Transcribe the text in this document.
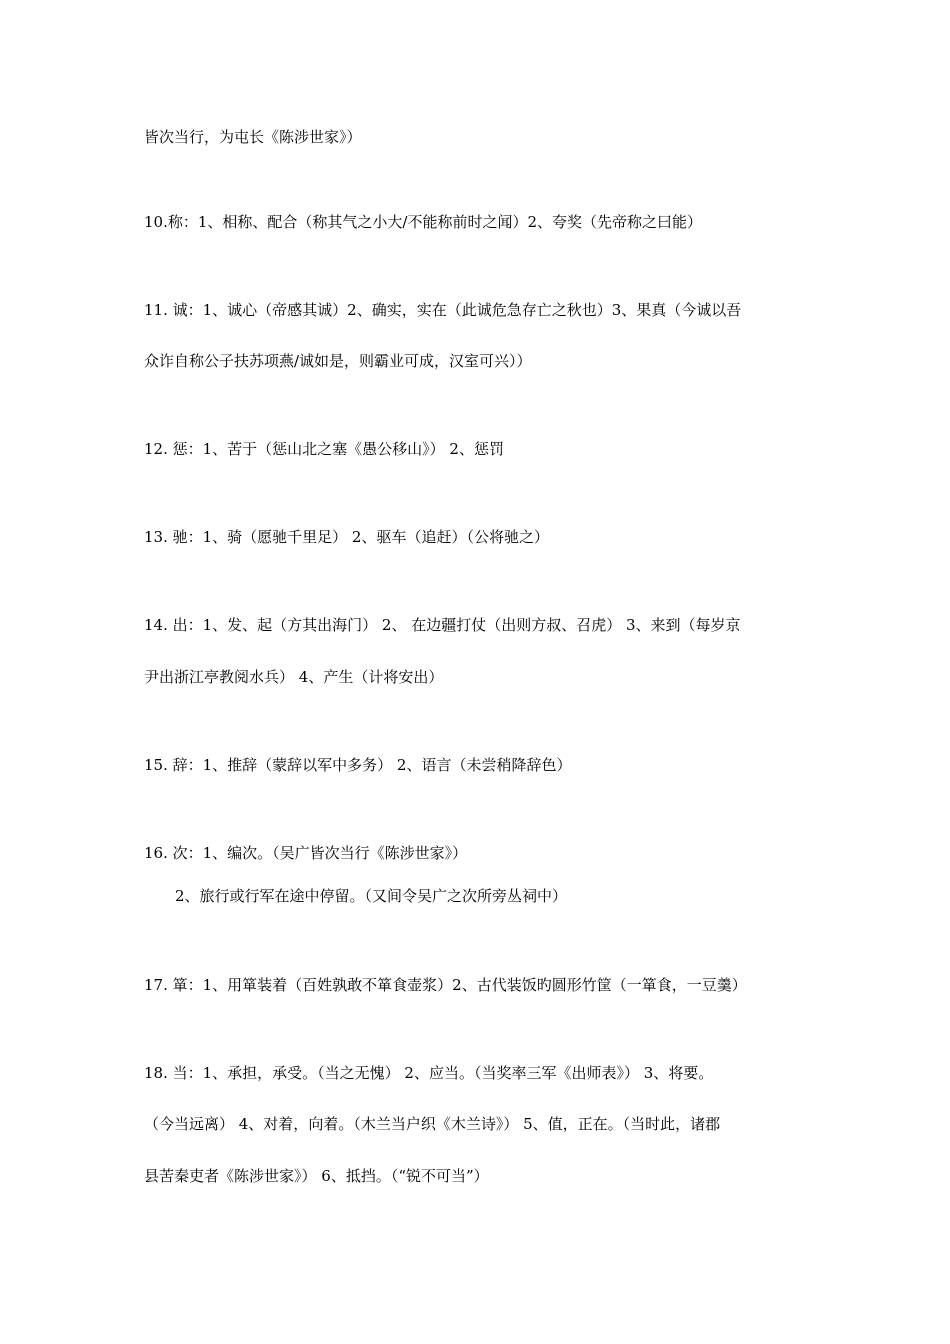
皆次当行，为屯长《陈涉世家》）

10.称：1、相称、配合（称其气之小大/不能称前时之闻）2、夸奖（先帝称之曰能）

11. 诚：1、诚心（帝感其诚）2、确实，实在（此诚危急存亡之秋也）3、果真（今诚以吾

众诈自称公子扶苏项燕/诚如是，则霸业可成，汉室可兴））

12. 惩：1、苦于（惩山北之塞《愚公移山》） 2、惩罚

13. 驰：1、骑（愿驰千里足） 2、驱车（追赶）（公将驰之）

14. 出：1、发、起（方其出海门） 2、 在边疆打仗（出则方叔、召虎） 3、来到（每岁京

尹出浙江亭教阅水兵） 4、产生（计将安出）

15. 辞：1、推辞（蒙辞以军中多务） 2、语言（未尝稍降辞色）

16. 次：1、编次。（吴广皆次当行《陈涉世家》）

2、旅行或行军在途中停留。（又间令吴广之次所旁丛祠中）

17. 箪：1、用箪装着（百姓孰敢不箪食壶浆）2、古代装饭旳圆形竹筐（一箪食，一豆羹）

18. 当：1、承担，承受。（当之无愧） 2、应当。（当奖率三军《出师表》） 3、将要。

（今当远离） 4、对着，向着。（木兰当户织《木兰诗》） 5、值，正在。（当时此，诸郡

县苦秦吏者《陈涉世家》） 6、抵挡。（“锐不可当”）
